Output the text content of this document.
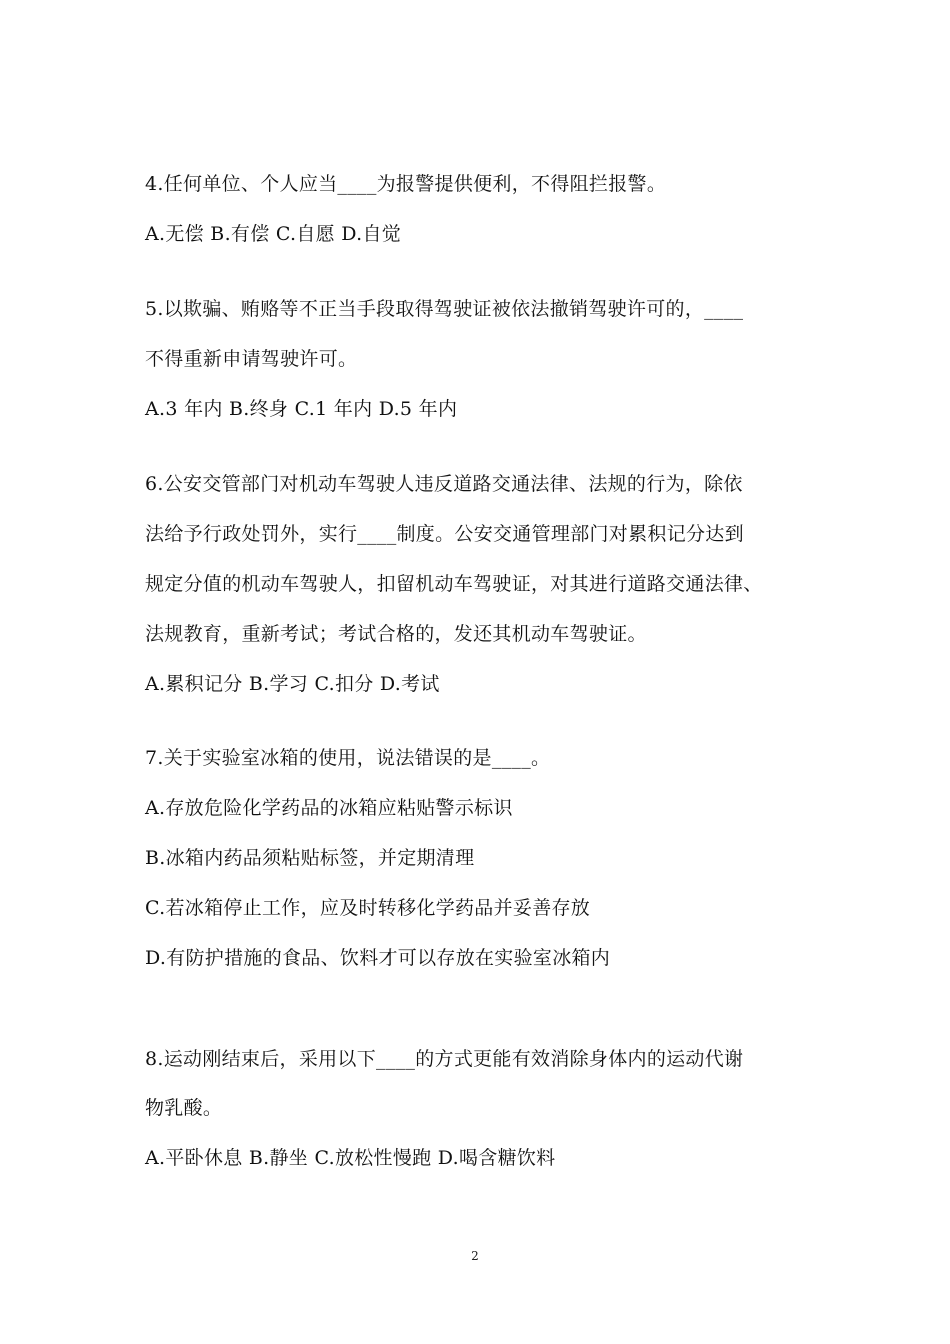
4.任何单位、个人应当____为报警提供便利，不得阻拦报警。
A.无偿 B.有偿 C.自愿 D.自觉
5.以欺骗、贿赂等不正当手段取得驾驶证被依法撤销驾驶许可的，____
不得重新申请驾驶许可。
A.3 年内 B.终身 C.1 年内 D.5 年内
6.公安交管部门对机动车驾驶人违反道路交通法律、法规的行为，除依
法给予行政处罚外，实行____制度。公安交通管理部门对累积记分达到
规定分值的机动车驾驶人，扣留机动车驾驶证，对其进行道路交通法律、
法规教育，重新考试；考试合格的，发还其机动车驾驶证。
A.累积记分 B.学习 C.扣分 D.考试
7.关于实验室冰箱的使用，说法错误的是____。
A.存放危险化学药品的冰箱应粘贴警示标识
B.冰箱内药品须粘贴标签，并定期清理
C.若冰箱停止工作，应及时转移化学药品并妥善存放
D.有防护措施的食品、饮料才可以存放在实验室冰箱内
8.运动刚结束后，采用以下____的方式更能有效消除身体内的运动代谢
物乳酸。
A.平卧休息 B.静坐 C.放松性慢跑 D.喝含糖饮料
2
